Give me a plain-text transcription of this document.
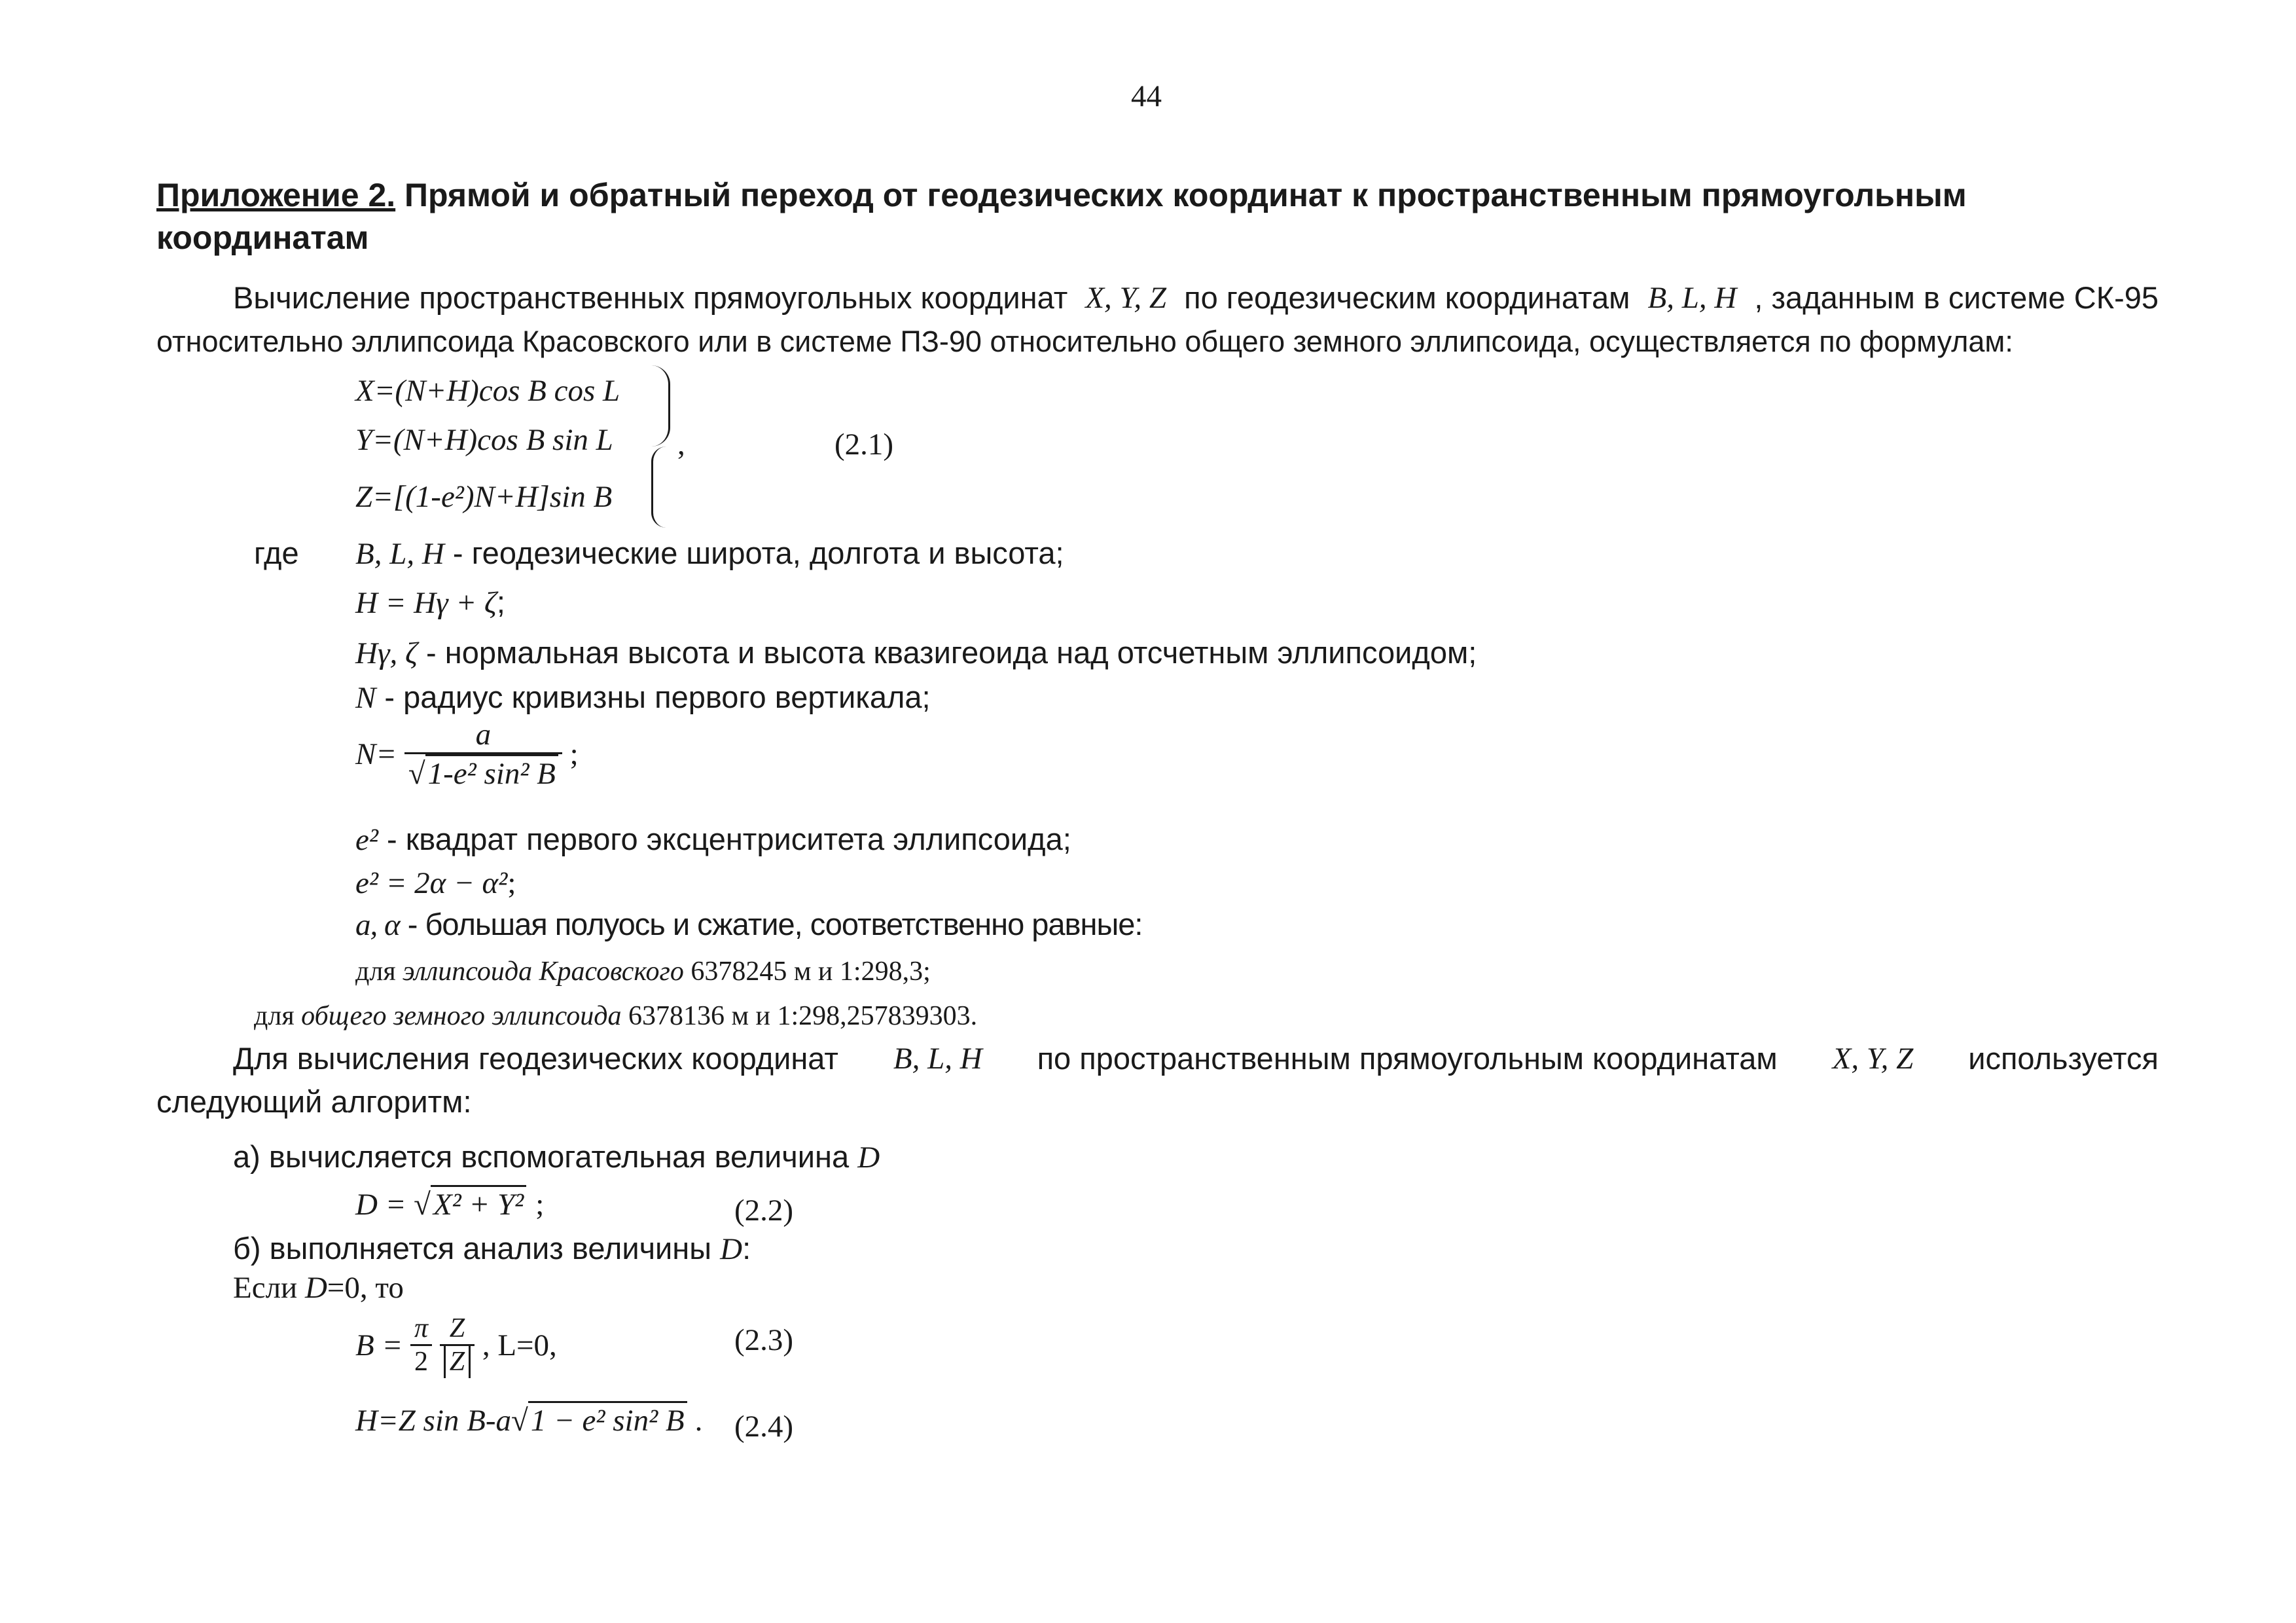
44
Приложение 2. Прямой и обратный переход от геодезических координат к пространственным прямоугольным
координатам
Вычисление пространственных прямоугольных координат X, Y, Z по геодезическим координатам B, L, H , заданным в системе СК-95
относительно эллипсоида Красовского или в системе ПЗ-90 относительно общего земного эллипсоида, осуществляется по формулам:
X=(N+H)cos B cos L
Y=(N+H)cos B sin L
Z=[(1-e²)N+H]sin B
,	(2.1)
где B, L, H - геодезические широта, долгота и высота;
H = Hγ + ζ;
Hγ, ζ - нормальная высота и высота квазигеоида над отсчетным эллипсоидом;
N - радиус кривизны первого вертикала;
$N= \frac{a}{\text{√1-e² sin² B}}$ ;
e² - квадрат первого эксцентриситета эллипсоида;
e² = 2α − α²;
a, α - большая полуось и сжатие, соответственно равные:
для эллипсоида Красовского 6378245 м и 1:298,3;
для общего земного эллипсоида 6378136 м и 1:298,257839303.
Для вычисления геодезических координат B, L, H по пространственным прямоугольным координатам X, Y, Z используется
следующий алгоритм:
а) вычисляется вспомогательная величина D
D = √X² + Y² ;	(2.2)
б) выполняется анализ величины D:
Если D=0, то
$B = \frac{\pi}{2}$
$\frac{Z}{Z}$ , L=0,	(2.3)
H=Z sin B-a√1 − e² sin² B . (2.4)
